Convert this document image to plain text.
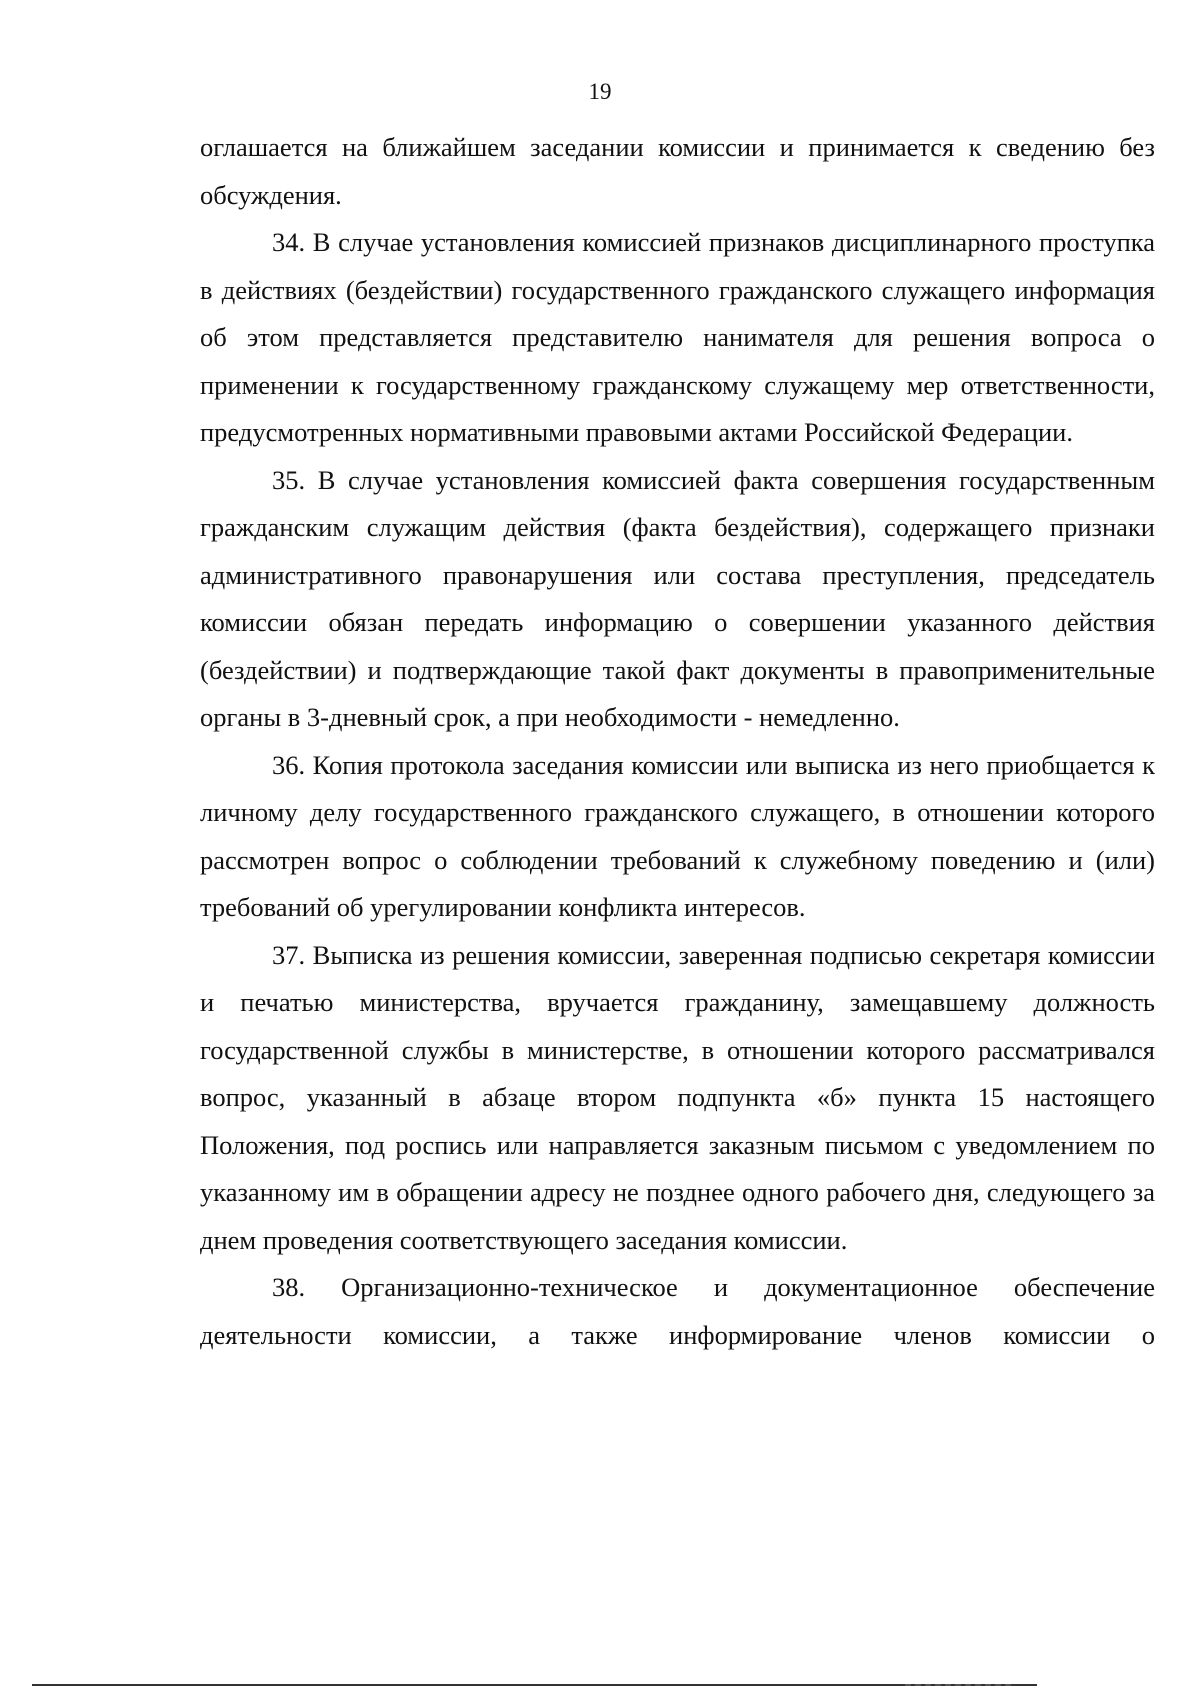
19

оглашается на ближайшем заседании комиссии и принимается к сведению без обсуждения.

34. В случае установления комиссией признаков дисциплинарного проступка в действиях (бездействии) государственного гражданского служащего информация об этом представляется представителю нанимателя для решения вопроса о применении к государственному гражданскому служащему мер ответственности, предусмотренных нормативными правовыми актами Российской Федерации.

35. В случае установления комиссией факта совершения государственным гражданским служащим действия (факта бездействия), содержащего признаки административного правонарушения или состава преступления, председатель комиссии обязан передать информацию о совершении указанного действия (бездействии) и подтверждающие такой факт документы в правоприменительные органы в 3-дневный срок, а при необходимости - немедленно.

36. Копия протокола заседания комиссии или выписка из него приобщается к личному делу государственного гражданского служащего, в отношении которого рассмотрен вопрос о соблюдении требований к служебному поведению и (или) требований об урегулировании конфликта интересов.

37. Выписка из решения комиссии, заверенная подписью секретаря комиссии и печатью министерства, вручается гражданину, замещавшему должность государственной службы в министерстве, в отношении которого рассматривался вопрос, указанный в абзаце втором подпункта «б» пункта 15 настоящего Положения, под роспись или направляется заказным письмом с уведомлением по указанному им в обращении адресу не позднее одного рабочего дня, следующего за днем проведения соответствующего заседания комиссии.

38. Организационно-техническое и документационное обеспечение деятельности комиссии, а также информирование членов комиссии о
